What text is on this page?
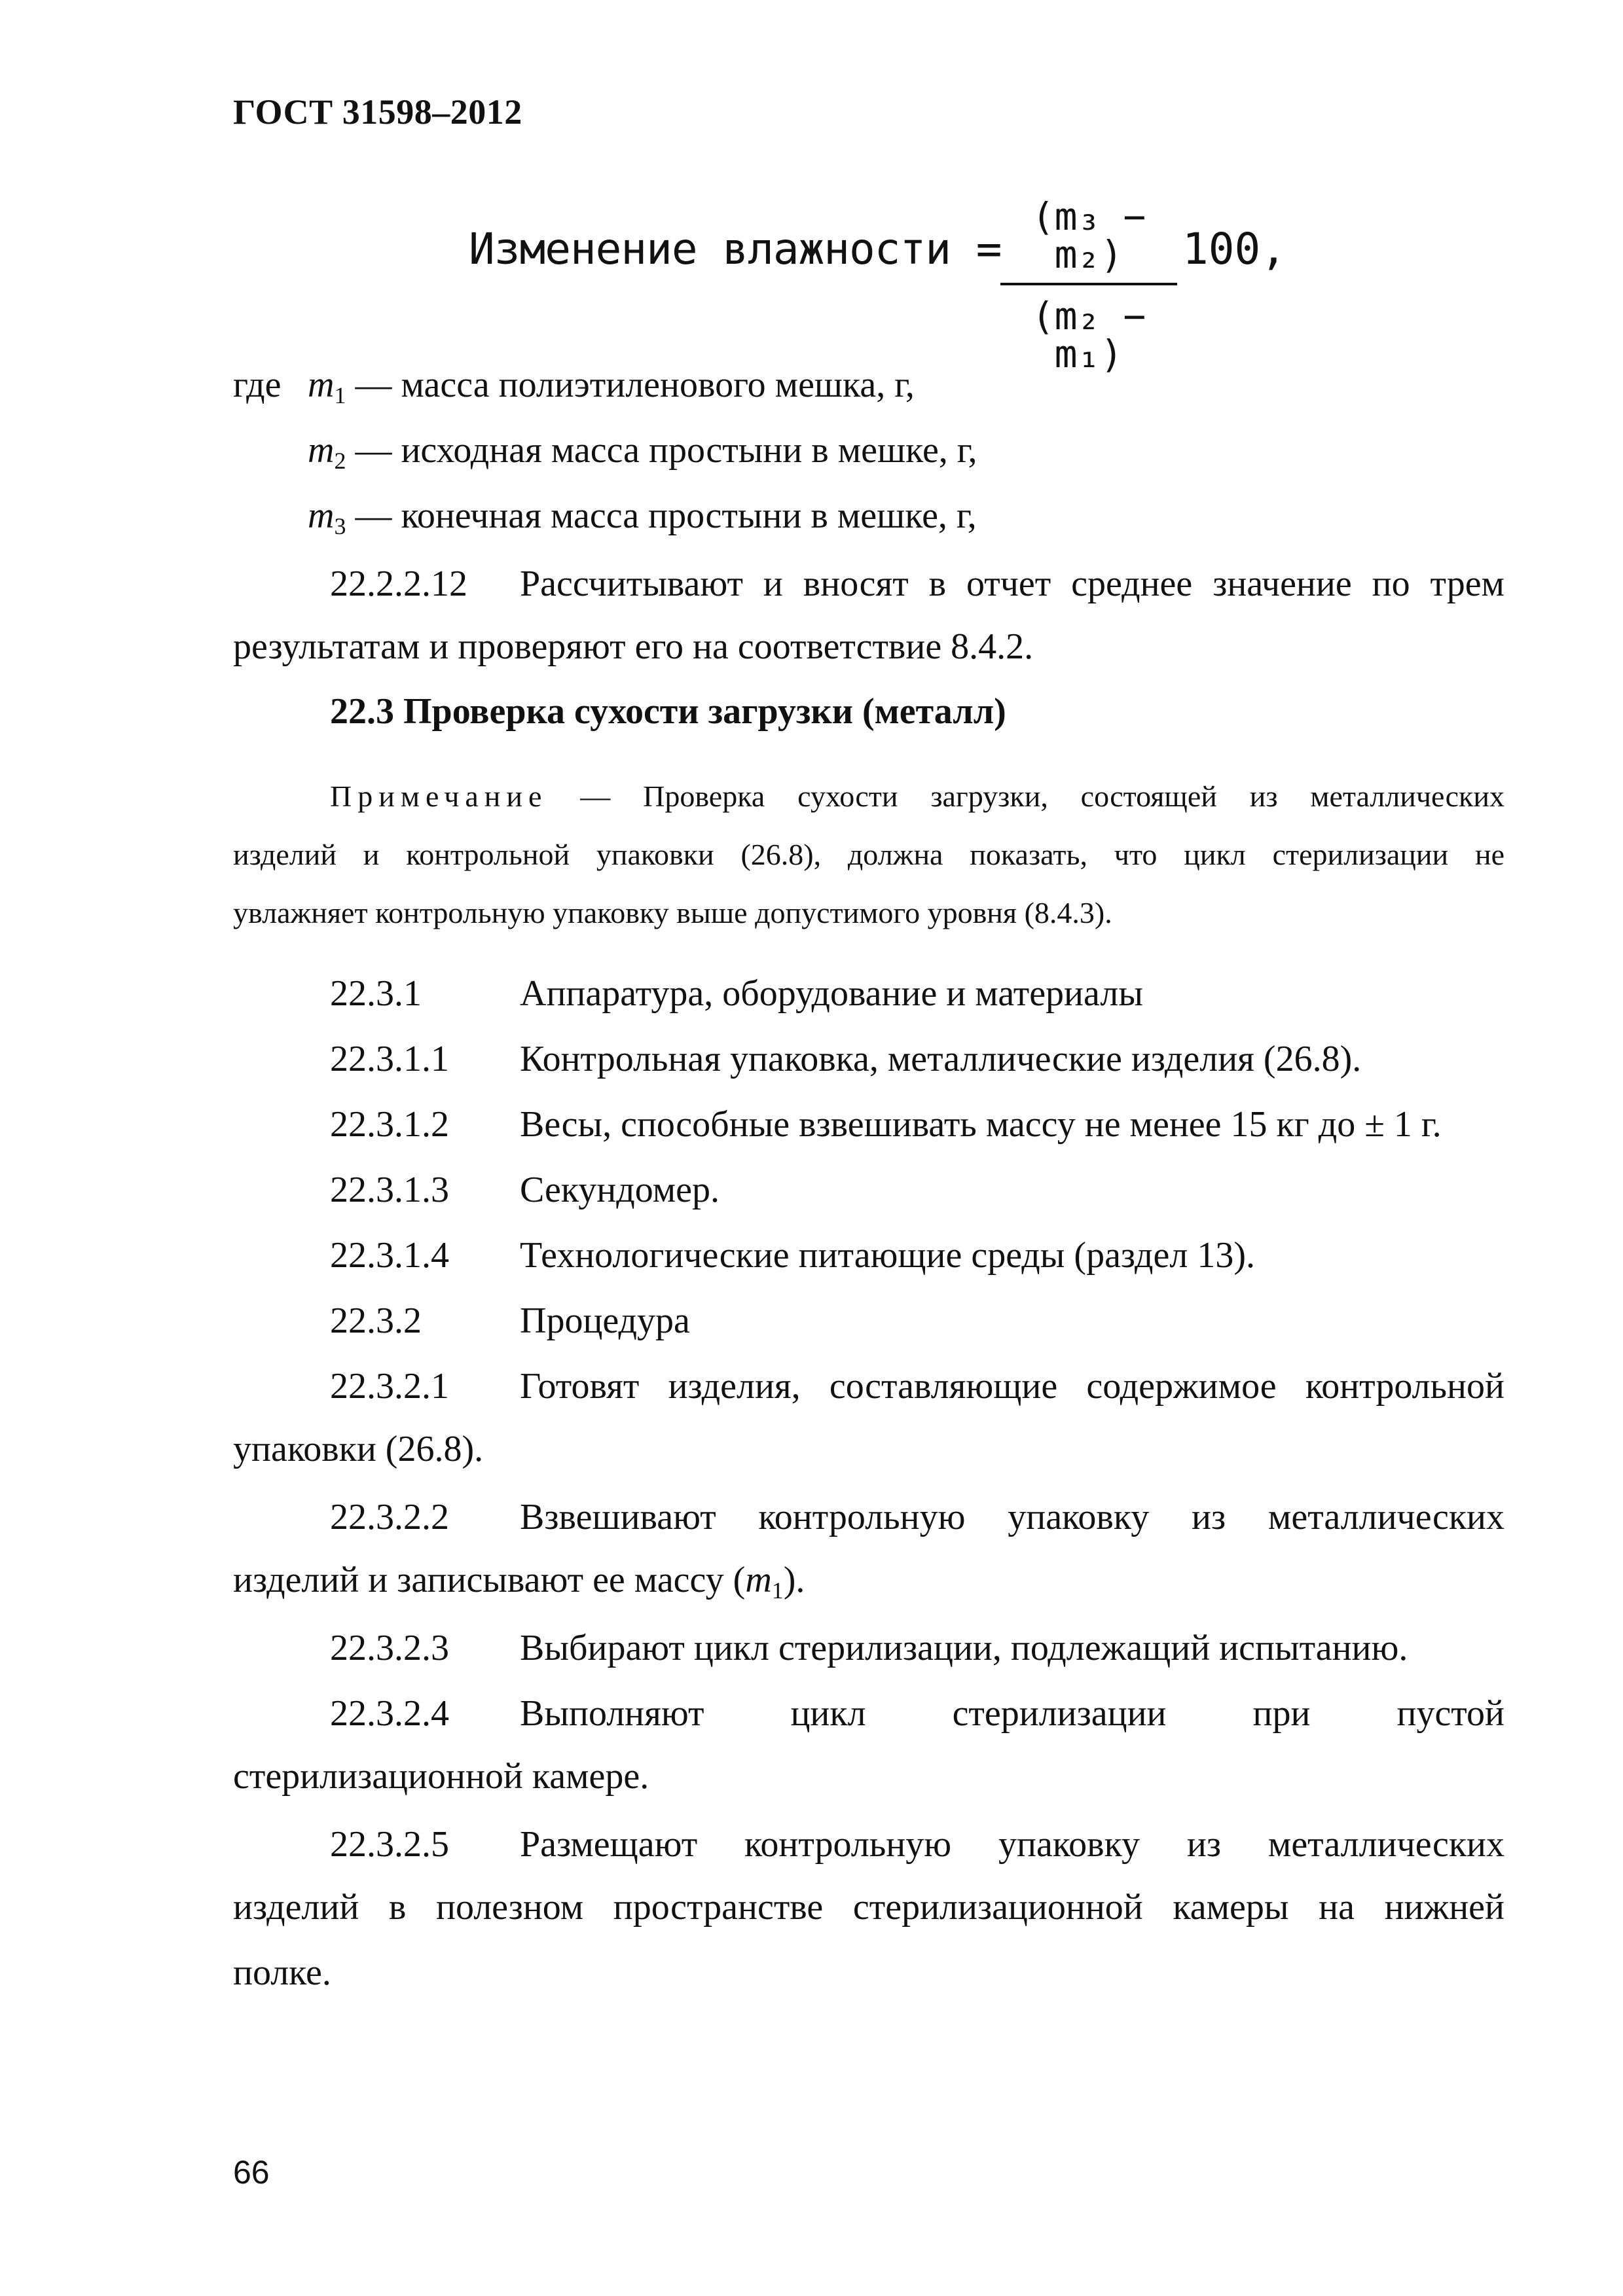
ГОСТ 31598–2012
Изменение влажности =
(m₃ − m₂)
(m₂ − m₁)
100,
где $m_1$ — масса полиэтиленового мешка, г,
$m_2$ — исходная масса простыни в мешке, г,
$m_3$ — конечная масса простыни в мешке, г,
22.2.2.12 Рассчитывают и вносят в отчет среднее значение по трем
результатам и проверяют его на соответствие 8.4.2.
22.3 Проверка сухости загрузки (металл)
Примечание — Проверка сухости загрузки, состоящей из металлических
изделий и контрольной упаковки (26.8), должна показать, что цикл стерилизации не
увлажняет контрольную упаковку выше допустимого уровня (8.4.3).
22.3.1	Аппаратура, оборудование и материалы
22.3.1.1 Контрольная упаковка, металлические изделия (26.8).
22.3.1.2 Весы, способные взвешивать массу не менее 15 кг до ± 1 г.
22.3.1.3 Секундомер.
22.3.1.4 Технологические питающие среды (раздел 13).
22.3.2	Процедура
22.3.2.1 Готовят изделия, составляющие содержимое контрольной
упаковки (26.8).
22.3.2.2 Взвешивают контрольную упаковку из металлических
изделий и записывают ее массу $(m_1)$.
22.3.2.3 Выбирают цикл стерилизации, подлежащий испытанию.
22.3.2.4 Выполняют цикл стерилизации при пустой
стерилизационной камере.
22.3.2.5 Размещают контрольную упаковку из металлических
изделий в полезном пространстве стерилизационной камеры на нижней
полке.
66
